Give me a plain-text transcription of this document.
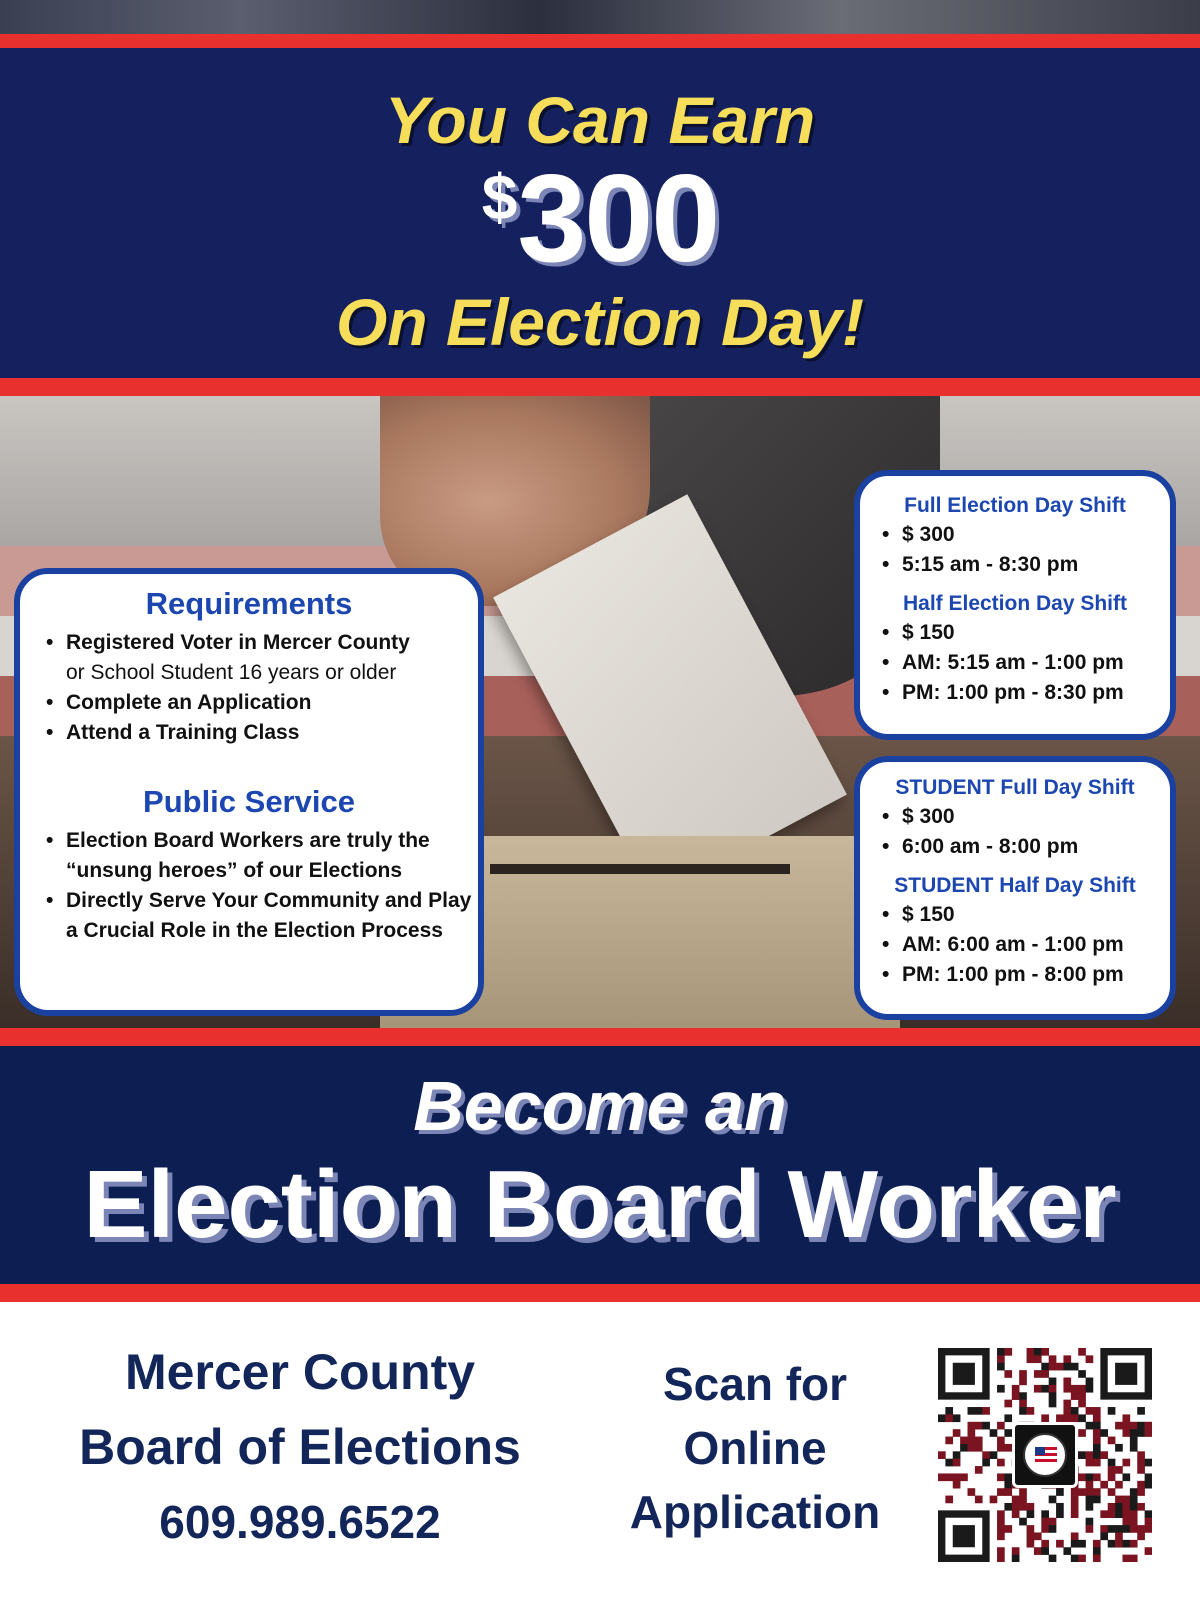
You Can Earn
$300
On Election Day!
Requirements
• Registered Voter in Mercer County
or School Student 16 years or older
• Complete an Application
• Attend a Training Class
Public Service
• Election Board Workers are truly the “unsung heroes” of our Elections
• Directly Serve Your Community and Play a Crucial Role in the Election Process
Full Election Day Shift
• $ 300
• 5:15 am - 8:30 pm
Half Election Day Shift
• $ 150
• AM: 5:15 am - 1:00 pm
• PM: 1:00 pm - 8:30 pm
STUDENT Full Day Shift
• $ 300
• 6:00 am - 8:00 pm
STUDENT Half Day Shift
• $ 150
• AM: 6:00 am - 1:00 pm
• PM: 1:00 pm - 8:00 pm
Become an
Election Board Worker
Mercer County
Board of Elections
609.989.6522
Scan for
Online
Application
